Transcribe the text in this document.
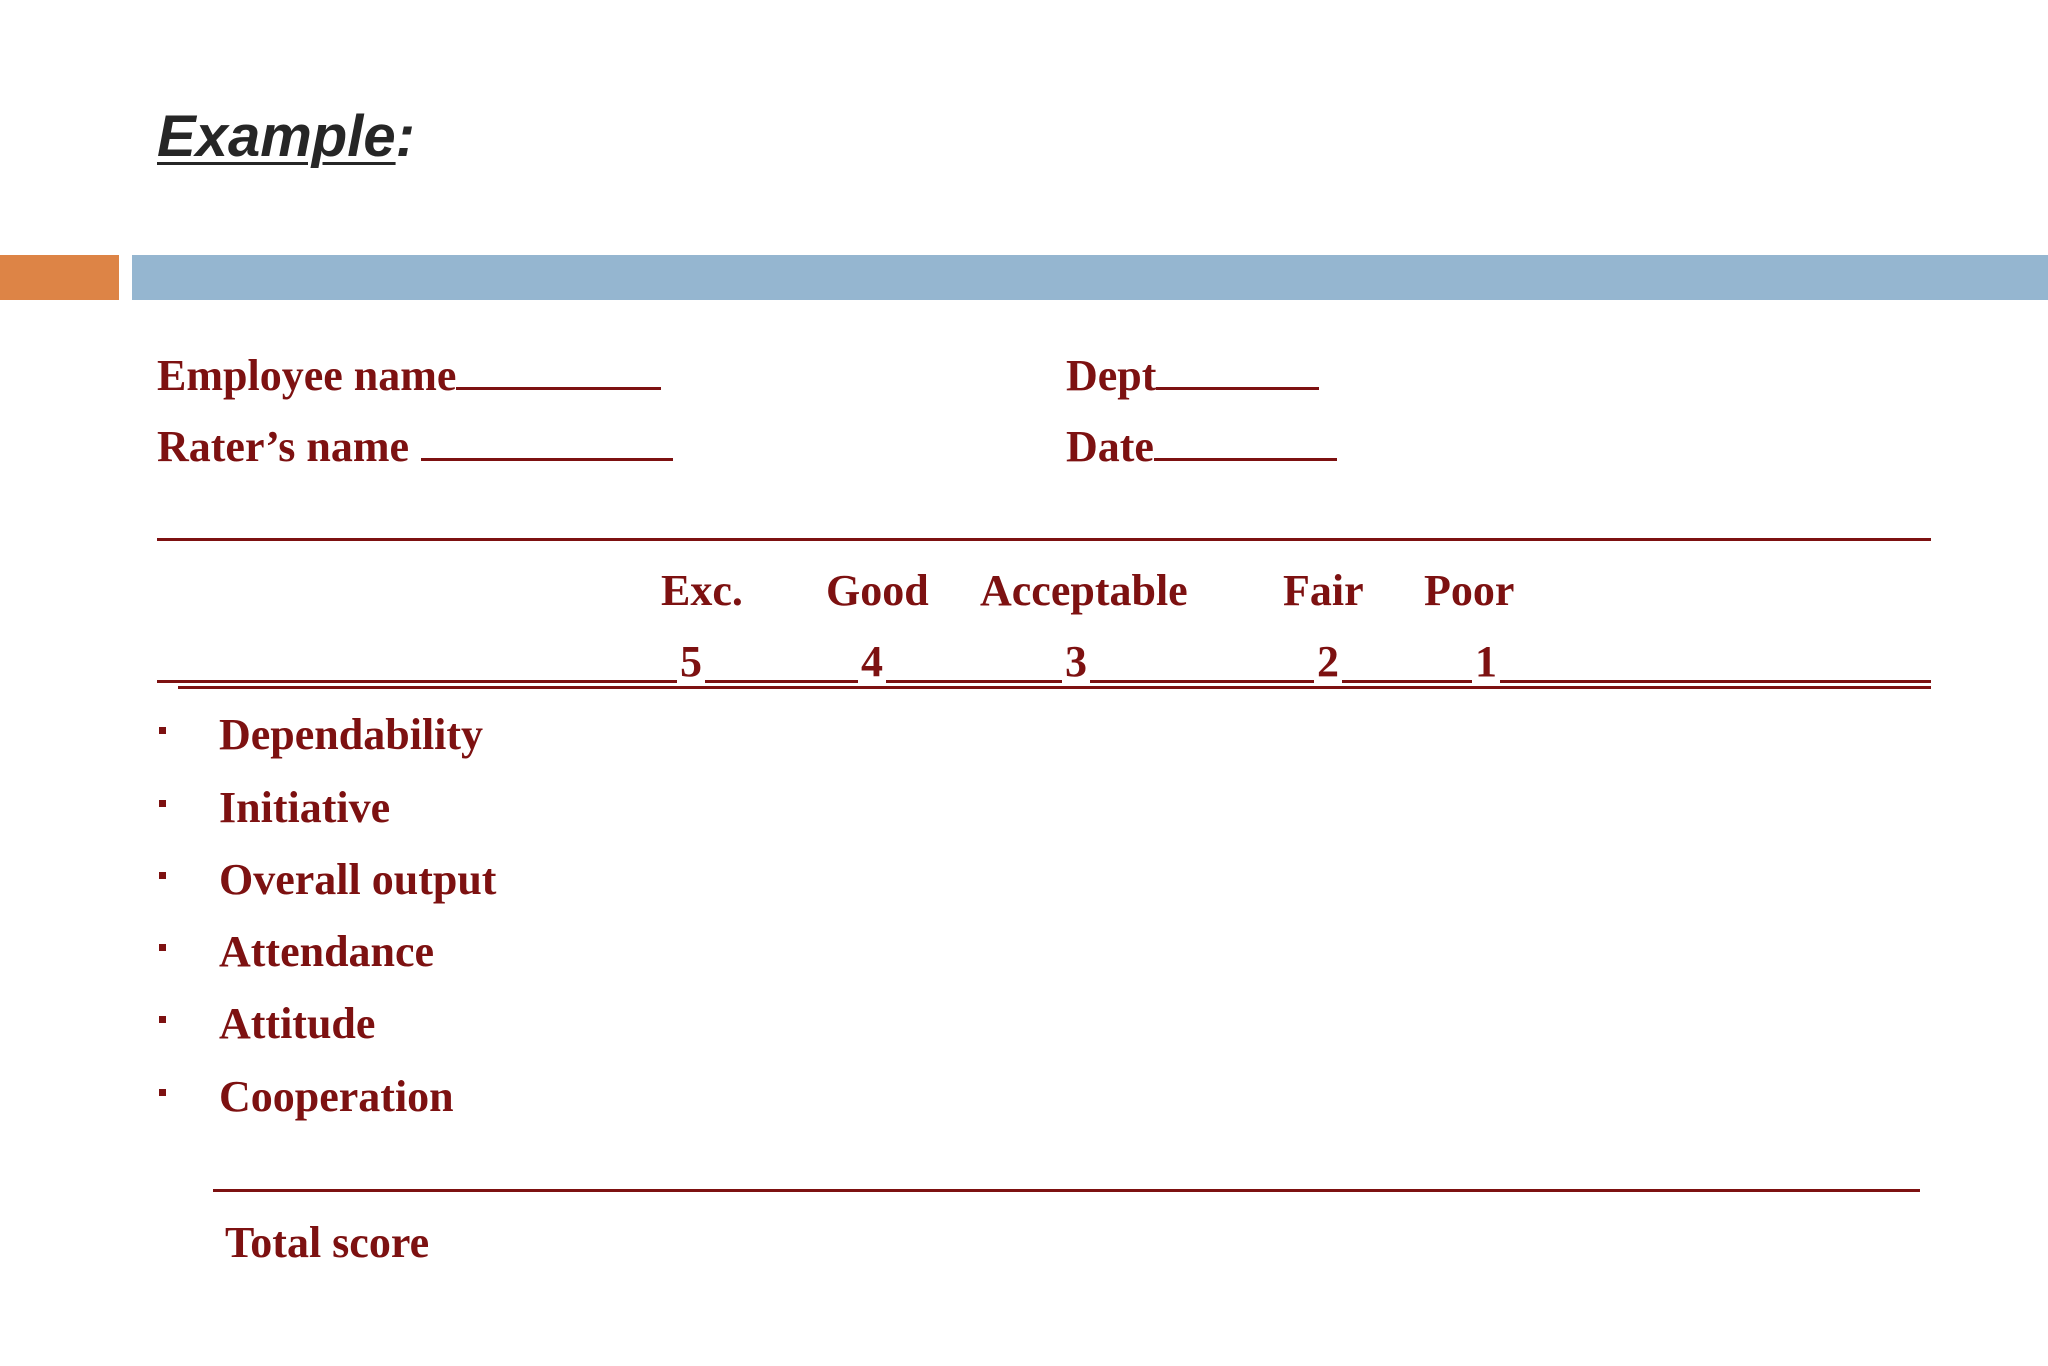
Example:
Employee name	Dept
Rater’s name	Date
Exc. Good Acceptable Fair Poor
5	4	3	2	1
Dependability
Initiative
Overall output
Attendance
Attitude
Cooperation
Total score
